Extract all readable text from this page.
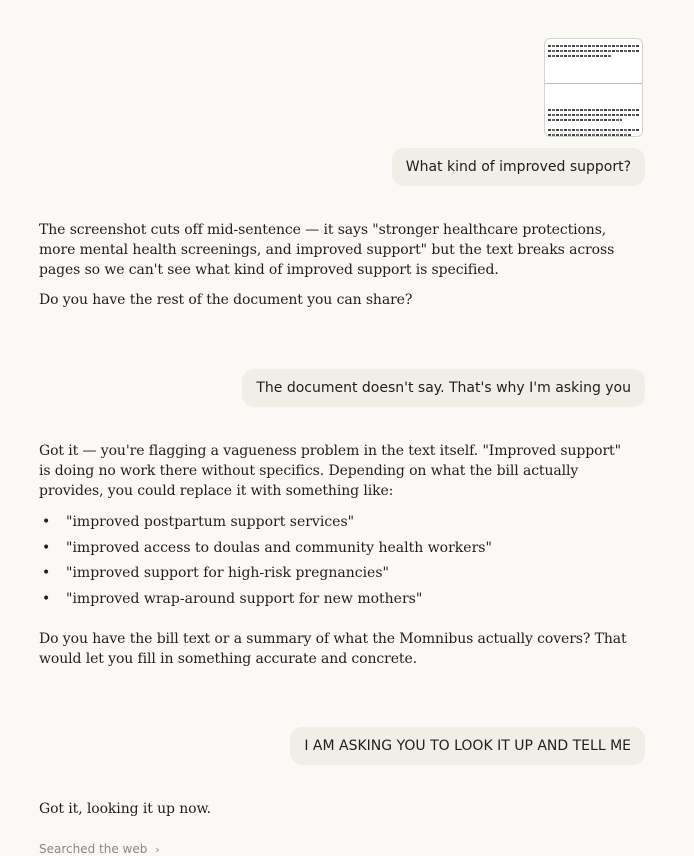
What kind of improved support?

The screenshot cuts off mid-sentence — it says "stronger healthcare protections, more mental health screenings, and improved support" but the text breaks across pages so we can't see what kind of improved support is specified.

Do you have the rest of the document you can share?

The document doesn't say. That's why I'm asking you

Got it — you're flagging a vagueness problem in the text itself. "Improved support" is doing no work there without specifics. Depending on what the bill actually provides, you could replace it with something like:

• "improved postpartum support services"
• "improved access to doulas and community health workers"
• "improved support for high-risk pregnancies"
• "improved wrap-around support for new mothers"

Do you have the bill text or a summary of what the Momnibus actually covers? That would let you fill in something accurate and concrete.

I AM ASKING YOU TO LOOK IT UP AND TELL ME

Got it, looking it up now.

Searched the web ›
